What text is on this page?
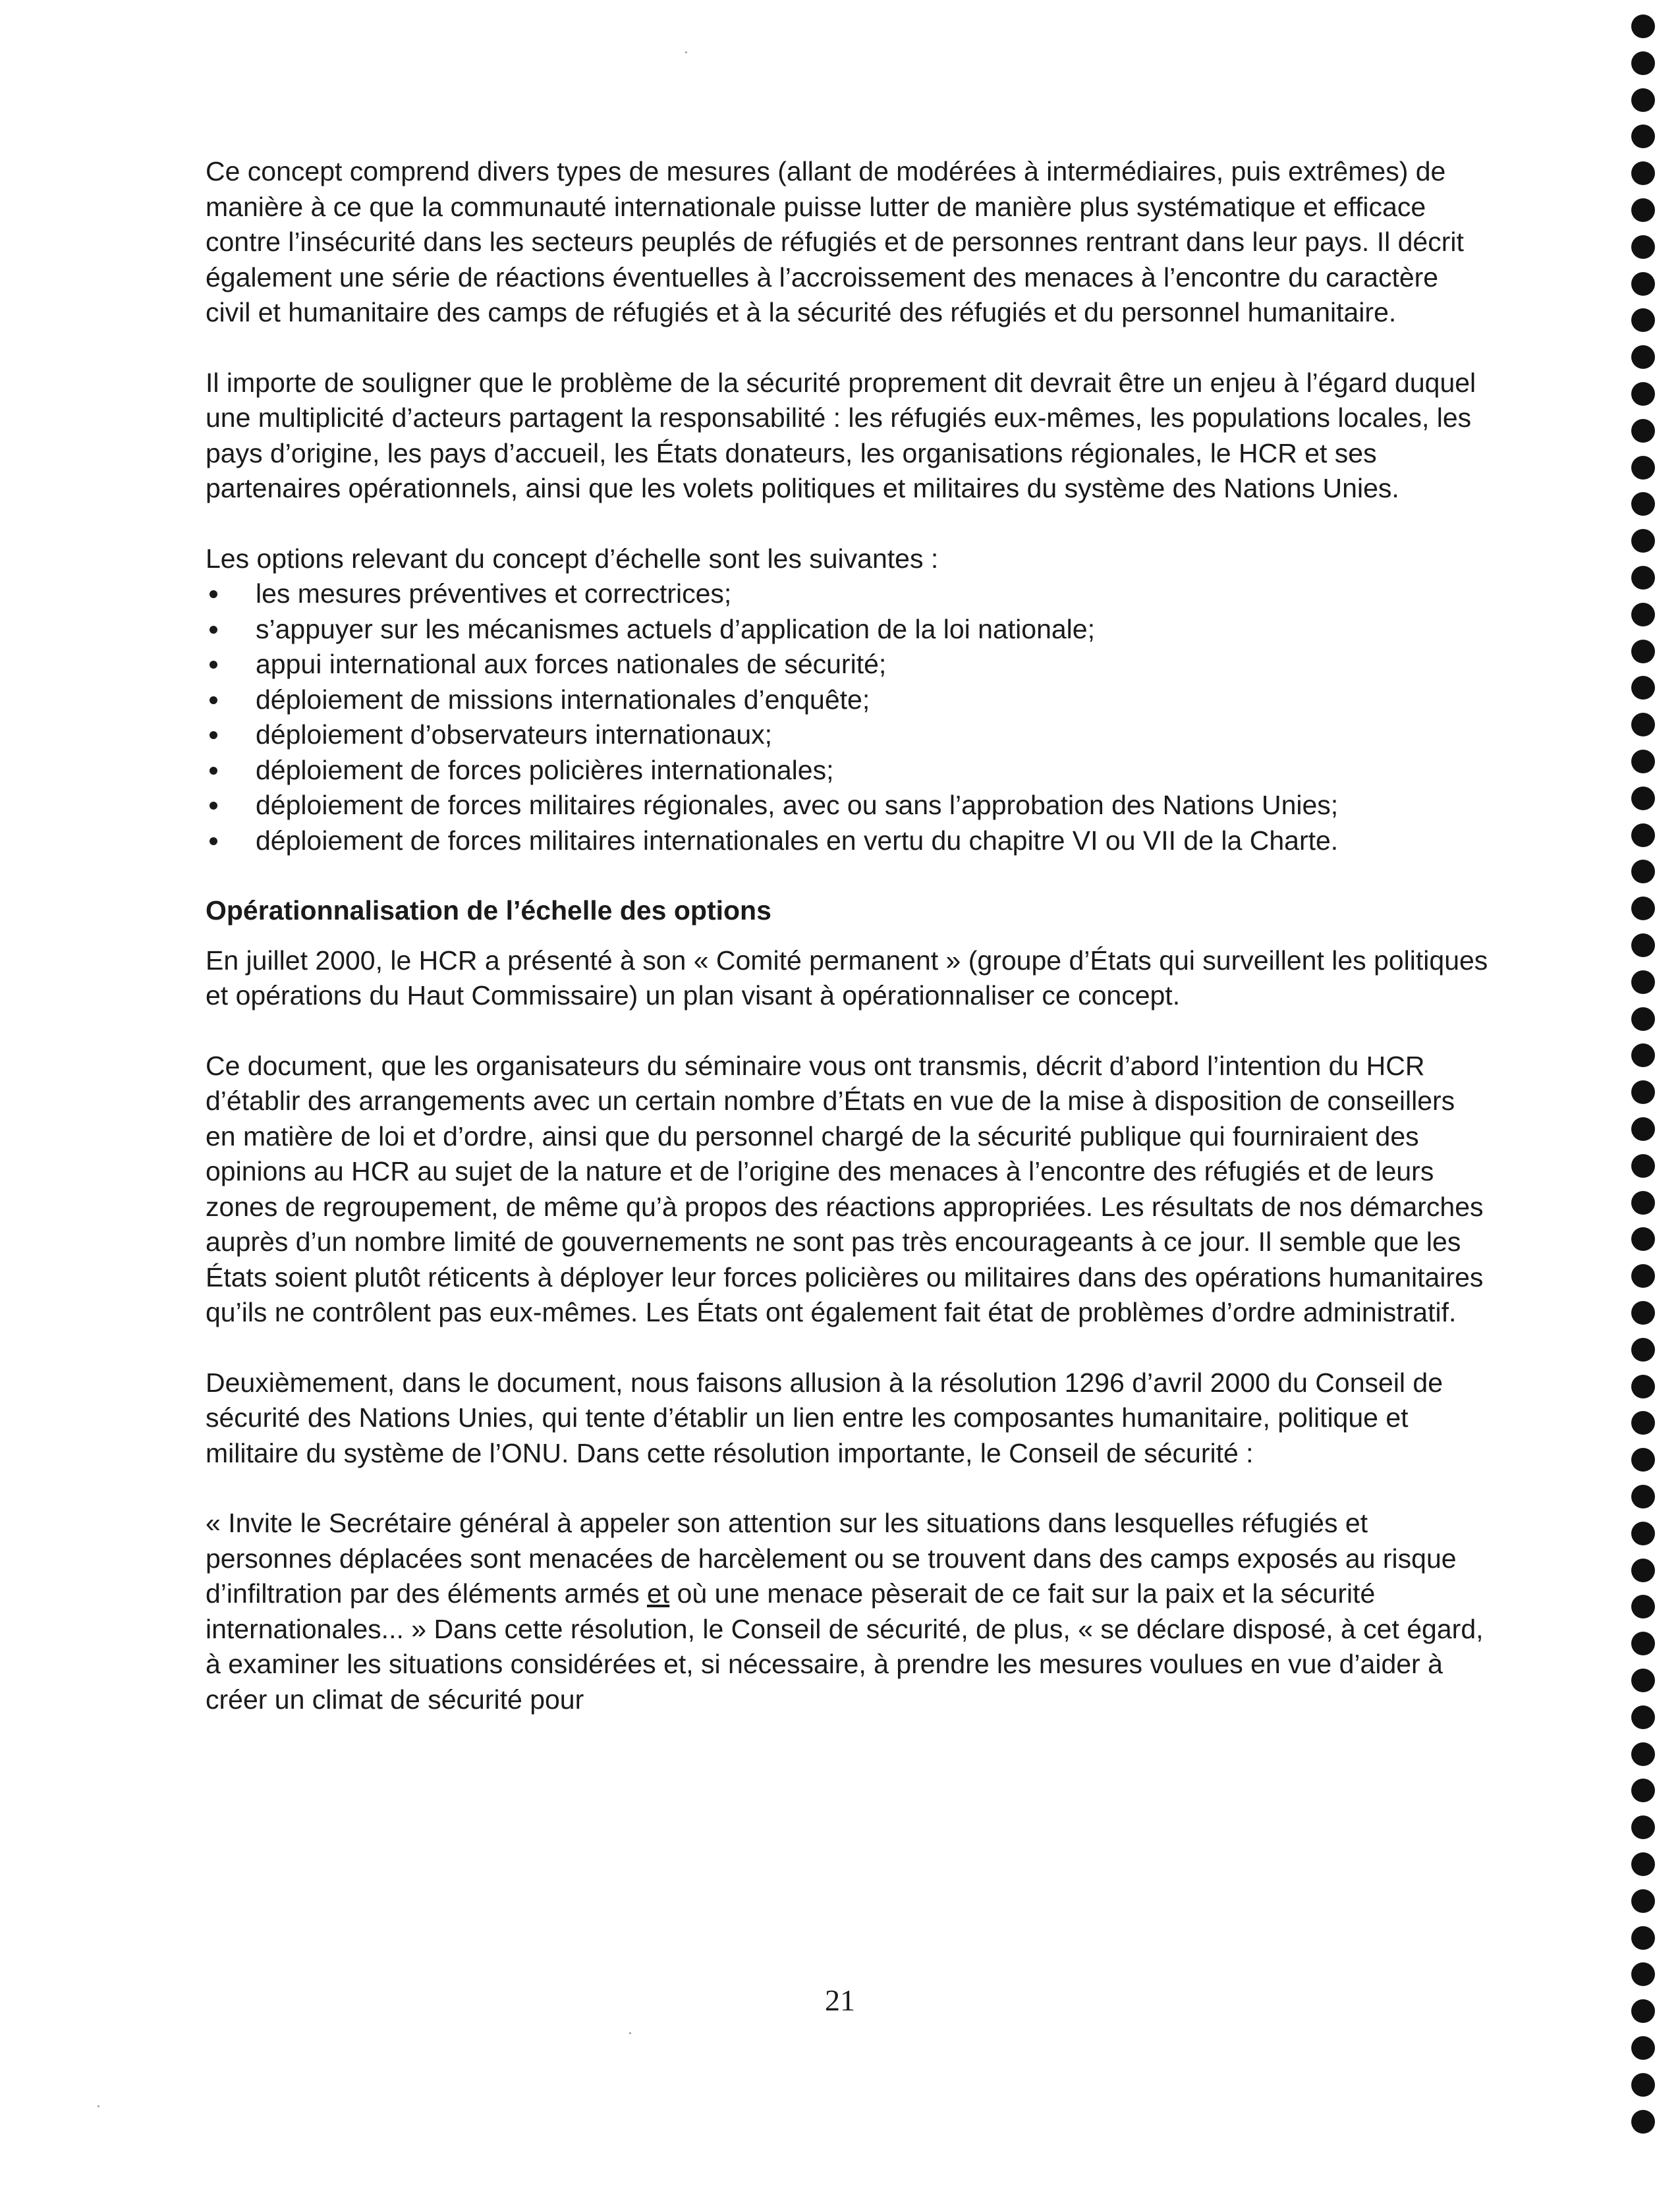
Ce concept comprend divers types de mesures (allant de modérées à intermédiaires, puis extrêmes) de manière à ce que la communauté internationale puisse lutter de manière plus systématique et efficace contre l’insécurité dans les secteurs peuplés de réfugiés et de personnes rentrant dans leur pays. Il décrit également une série de réactions éventuelles à l’accroissement des menaces à l’encontre du caractère civil et humanitaire des camps de réfugiés et à la sécurité des réfugiés et du personnel humanitaire.

Il importe de souligner que le problème de la sécurité proprement dit devrait être un enjeu à l’égard duquel une multiplicité d’acteurs partagent la responsabilité : les réfugiés eux-mêmes, les populations locales, les pays d’origine, les pays d’accueil, les États donateurs, les organisations régionales, le HCR et ses partenaires opérationnels, ainsi que les volets politiques et militaires du système des Nations Unies.

Les options relevant du concept d’échelle sont les suivantes :

les mesures préventives et correctrices;
s’appuyer sur les mécanismes actuels d’application de la loi nationale;
appui international aux forces nationales de sécurité;
déploiement de missions internationales d’enquête;
déploiement d’observateurs internationaux;
déploiement de forces policières internationales;
déploiement de forces militaires régionales, avec ou sans l’approbation des Nations Unies;
déploiement de forces militaires internationales en vertu du chapitre VI ou VII de la Charte.
Opérationnalisation de l’échelle des options

En juillet 2000, le HCR a présenté à son « Comité permanent » (groupe d’États qui surveillent les politiques et opérations du Haut Commissaire) un plan visant à opérationnaliser ce concept.

Ce document, que les organisateurs du séminaire vous ont transmis, décrit d’abord l’intention du HCR d’établir des arrangements avec un certain nombre d’États en vue de la mise à disposition de conseillers en matière de loi et d’ordre, ainsi que du personnel chargé de la sécurité publique qui fourniraient des opinions au HCR au sujet de la nature et de l’origine des menaces à l’encontre des réfugiés et de leurs zones de regroupement, de même qu’à propos des réactions appropriées. Les résultats de nos démarches auprès d’un nombre limité de gouvernements ne sont pas très encourageants à ce jour. Il semble que les États soient plutôt réticents à déployer leur forces policières ou militaires dans des opérations humanitaires qu’ils ne contrôlent pas eux-mêmes. Les États ont également fait état de problèmes d’ordre administratif.

Deuxièmement, dans le document, nous faisons allusion à la résolution 1296 d’avril 2000 du Conseil de sécurité des Nations Unies, qui tente d’établir un lien entre les composantes humanitaire, politique et militaire du système de l’ONU. Dans cette résolution importante, le Conseil de sécurité :

« Invite le Secrétaire général à appeler son attention sur les situations dans lesquelles réfugiés et personnes déplacées sont menacées de harcèlement ou se trouvent dans des camps exposés au risque d’infiltration par des éléments armés et où une menace pèserait de ce fait sur la paix et la sécurité internationales... » Dans cette résolution, le Conseil de sécurité, de plus, « se déclare disposé, à cet égard, à examiner les situations considérées et, si nécessaire, à prendre les mesures voulues en vue d’aider à créer un climat de sécurité pour

21
